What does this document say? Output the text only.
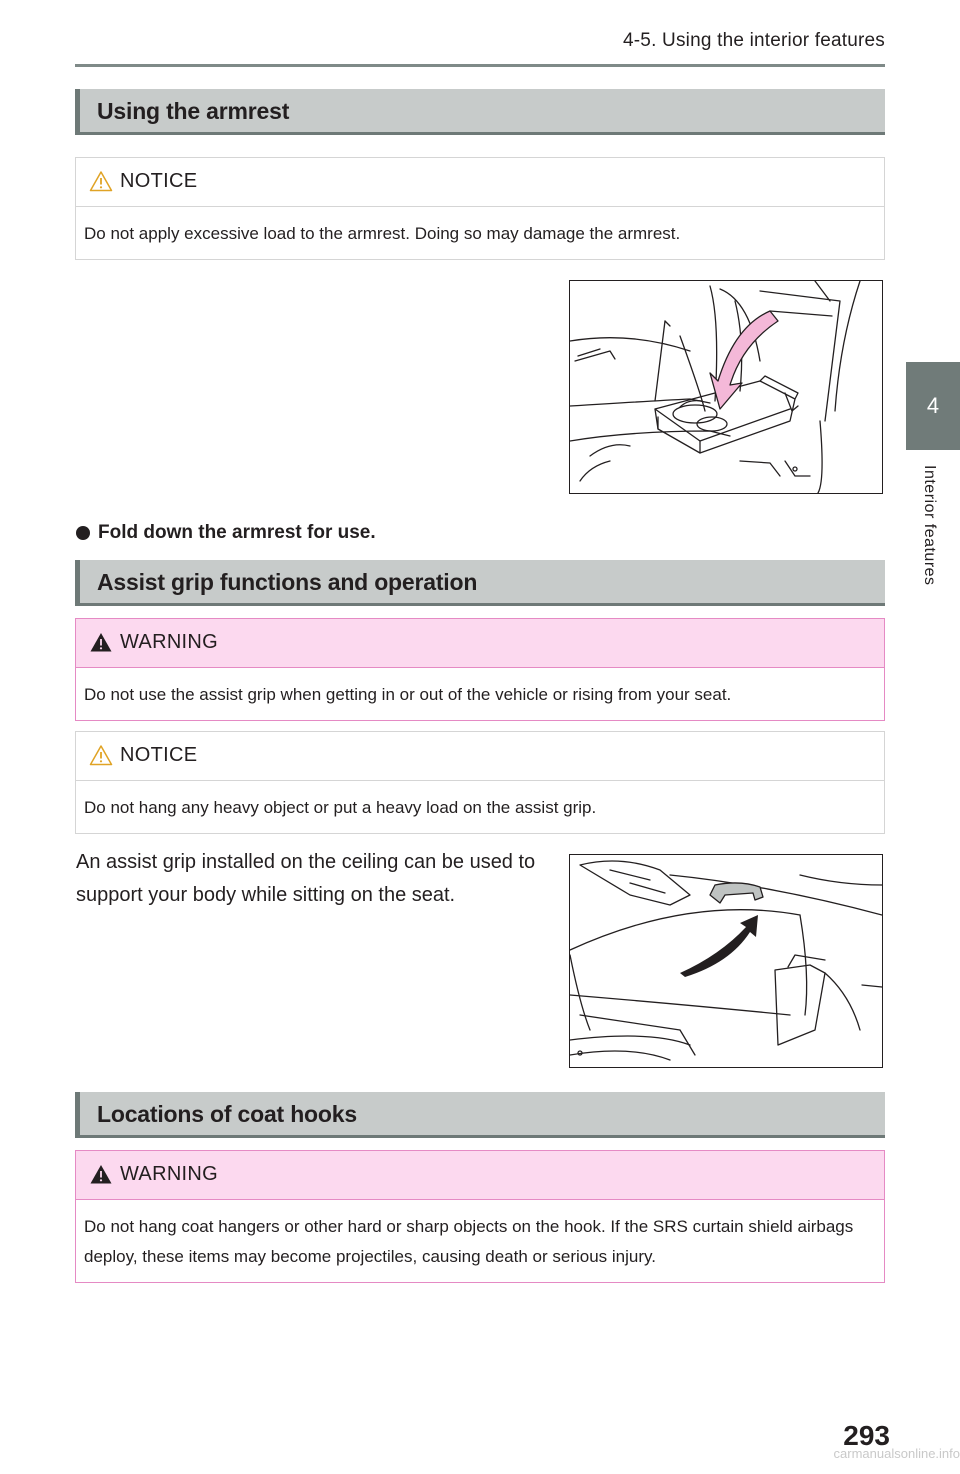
4-5. Using the interior features
4
Interior features
Using the armrest
NOTICE
Do not apply excessive load to the armrest. Doing so may damage the armrest.
Fold down the armrest for use.
Assist grip functions and operation
WARNING
Do not use the assist grip when getting in or out of the vehicle or rising from your seat.
NOTICE
Do not hang any heavy object or put a heavy load on the assist grip.
An assist grip installed on the ceiling can be used to support your body while sitting on the seat.
Locations of coat hooks
WARNING
Do not hang coat hangers or other hard or sharp objects on the hook. If the SRS curtain shield airbags deploy, these items may become projectiles, causing death or serious injury.
293
carmanualsonline.info
